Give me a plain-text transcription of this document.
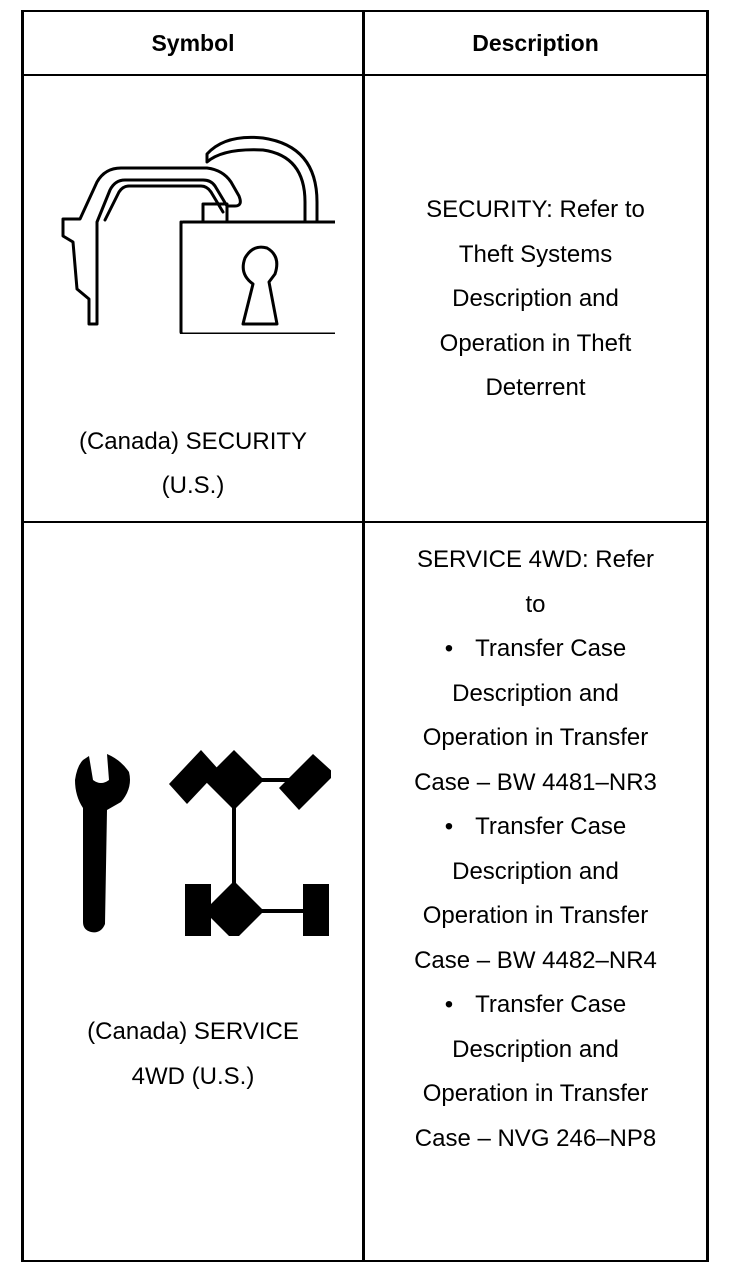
Symbol	Description

(Canada) SECURITY

(U.S.)

SECURITY: Refer to

Theft Systems

Description and

Operation in Theft

Deterrent

(Canada) SERVICE

4WD (U.S.)

SERVICE 4WD: Refer

to

• Transfer Case

Description and

Operation in Transfer

Case – BW 4481–NR3

• Transfer Case

Description and

Operation in Transfer

Case – BW 4482–NR4

• Transfer Case

Description and

Operation in Transfer

Case – NVG 246–NP8
